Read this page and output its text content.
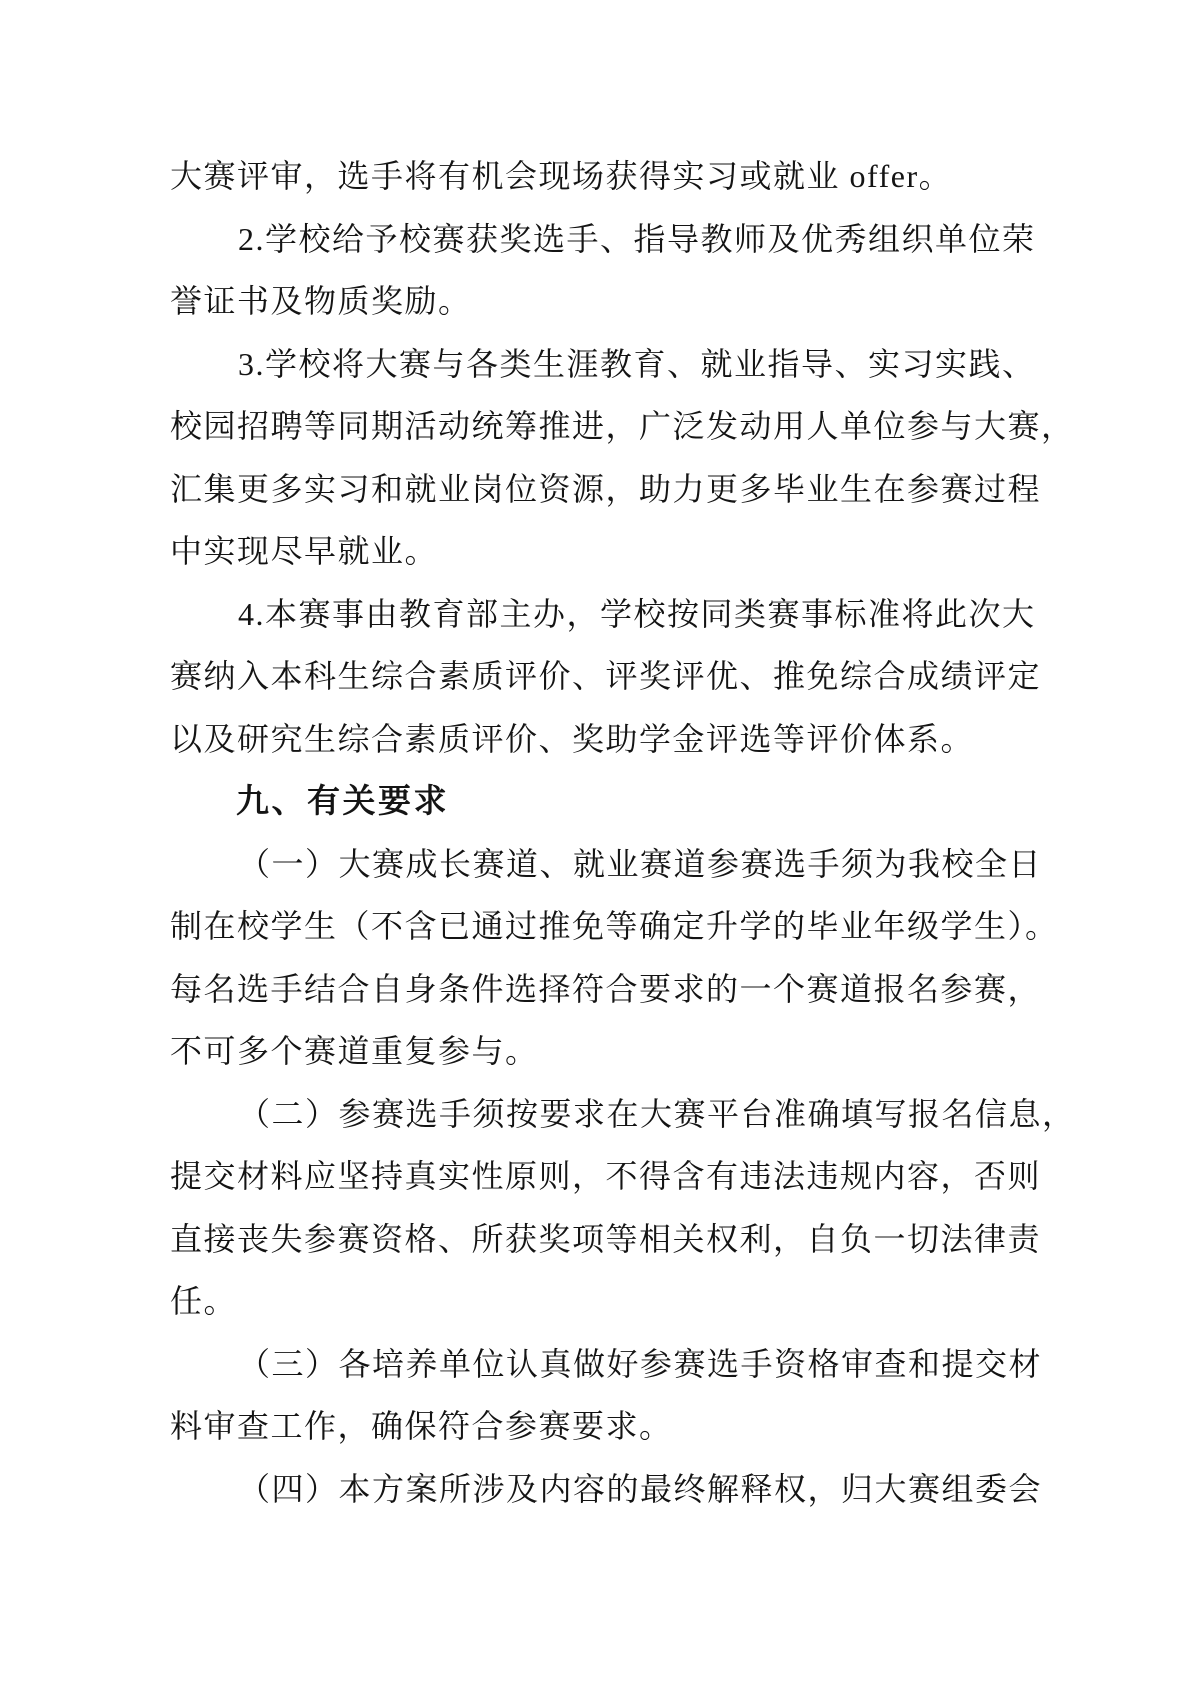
大赛评审，选手将有机会现场获得实习或就业 offer。
2.学校给予校赛获奖选手、指导教师及优秀组织单位荣
誉证书及物质奖励。
3.学校将大赛与各类生涯教育、就业指导、实习实践、
校园招聘等同期活动统筹推进，广泛发动用人单位参与大赛，
汇集更多实习和就业岗位资源，助力更多毕业生在参赛过程
中实现尽早就业。
4.本赛事由教育部主办，学校按同类赛事标准将此次大
赛纳入本科生综合素质评价、评奖评优、推免综合成绩评定
以及研究生综合素质评价、奖助学金评选等评价体系。
九、有关要求
（一）大赛成长赛道、就业赛道参赛选手须为我校全日
制在校学生（不含已通过推免等确定升学的毕业年级学生）。
每名选手结合自身条件选择符合要求的一个赛道报名参赛，
不可多个赛道重复参与。
（二）参赛选手须按要求在大赛平台准确填写报名信息，
提交材料应坚持真实性原则，不得含有违法违规内容，否则
直接丧失参赛资格、所获奖项等相关权利，自负一切法律责
任。
（三）各培养单位认真做好参赛选手资格审查和提交材
料审查工作，确保符合参赛要求。
（四）本方案所涉及内容的最终解释权，归大赛组委会
